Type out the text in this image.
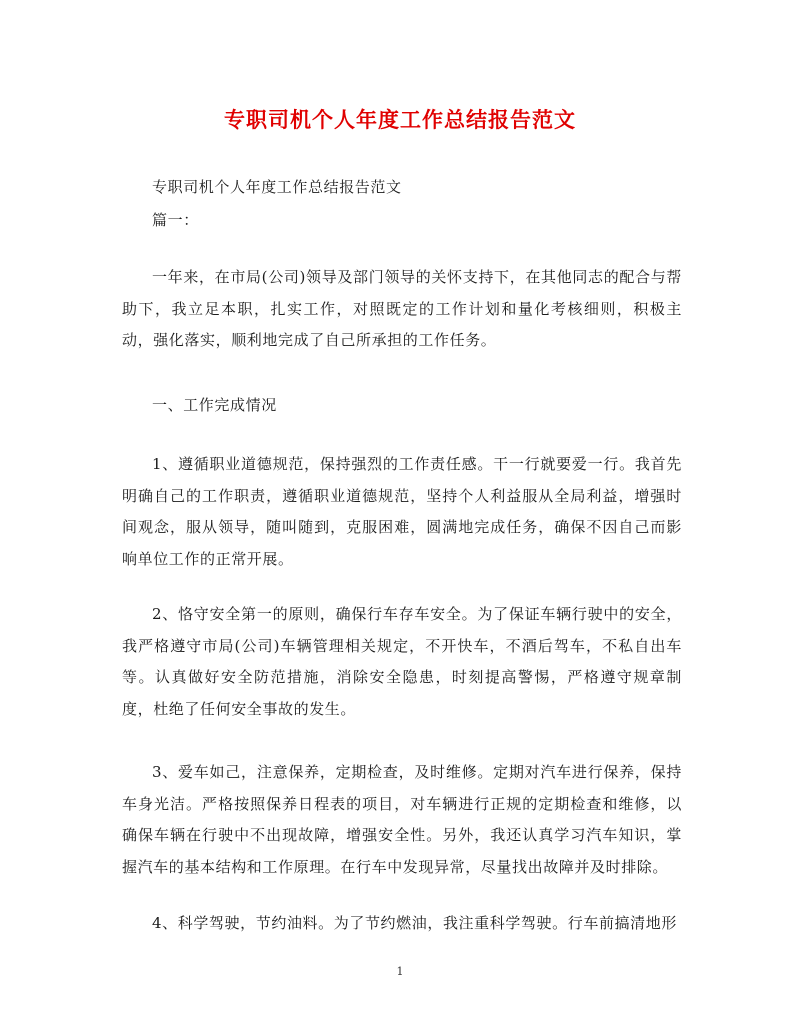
专职司机个人年度工作总结报告范文
专职司机个人年度工作总结报告范文
篇一：
一年来，在市局(公司)领导及部门领导的关怀支持下，在其他同志的配合与帮助下，我立足本职，扎实工作，对照既定的工作计划和量化考核细则，积极主动，强化落实，顺利地完成了自己所承担的工作任务。
一、工作完成情况
1、遵循职业道德规范，保持强烈的工作责任感。干一行就要爱一行。我首先明确自己的工作职责，遵循职业道德规范，坚持个人利益服从全局利益，增强时间观念，服从领导，随叫随到，克服困难，圆满地完成任务，确保不因自己而影响单位工作的正常开展。
2、恪守安全第一的原则，确保行车存车安全。为了保证车辆行驶中的安全，我严格遵守市局(公司)车辆管理相关规定，不开快车，不酒后驾车，不私自出车等。认真做好安全防范措施，消除安全隐患，时刻提高警惕，严格遵守规章制度，杜绝了任何安全事故的发生。
3、爱车如己，注意保养，定期检查，及时维修。定期对汽车进行保养，保持车身光洁。严格按照保养日程表的项目，对车辆进行正规的定期检查和维修，以确保车辆在行驶中不出现故障，增强安全性。另外，我还认真学习汽车知识，掌握汽车的基本结构和工作原理。在行车中发现异常，尽量找出故障并及时排除。
4、科学驾驶，节约油料。为了节约燃油，我注重科学驾驶。行车前搞清地形
1
